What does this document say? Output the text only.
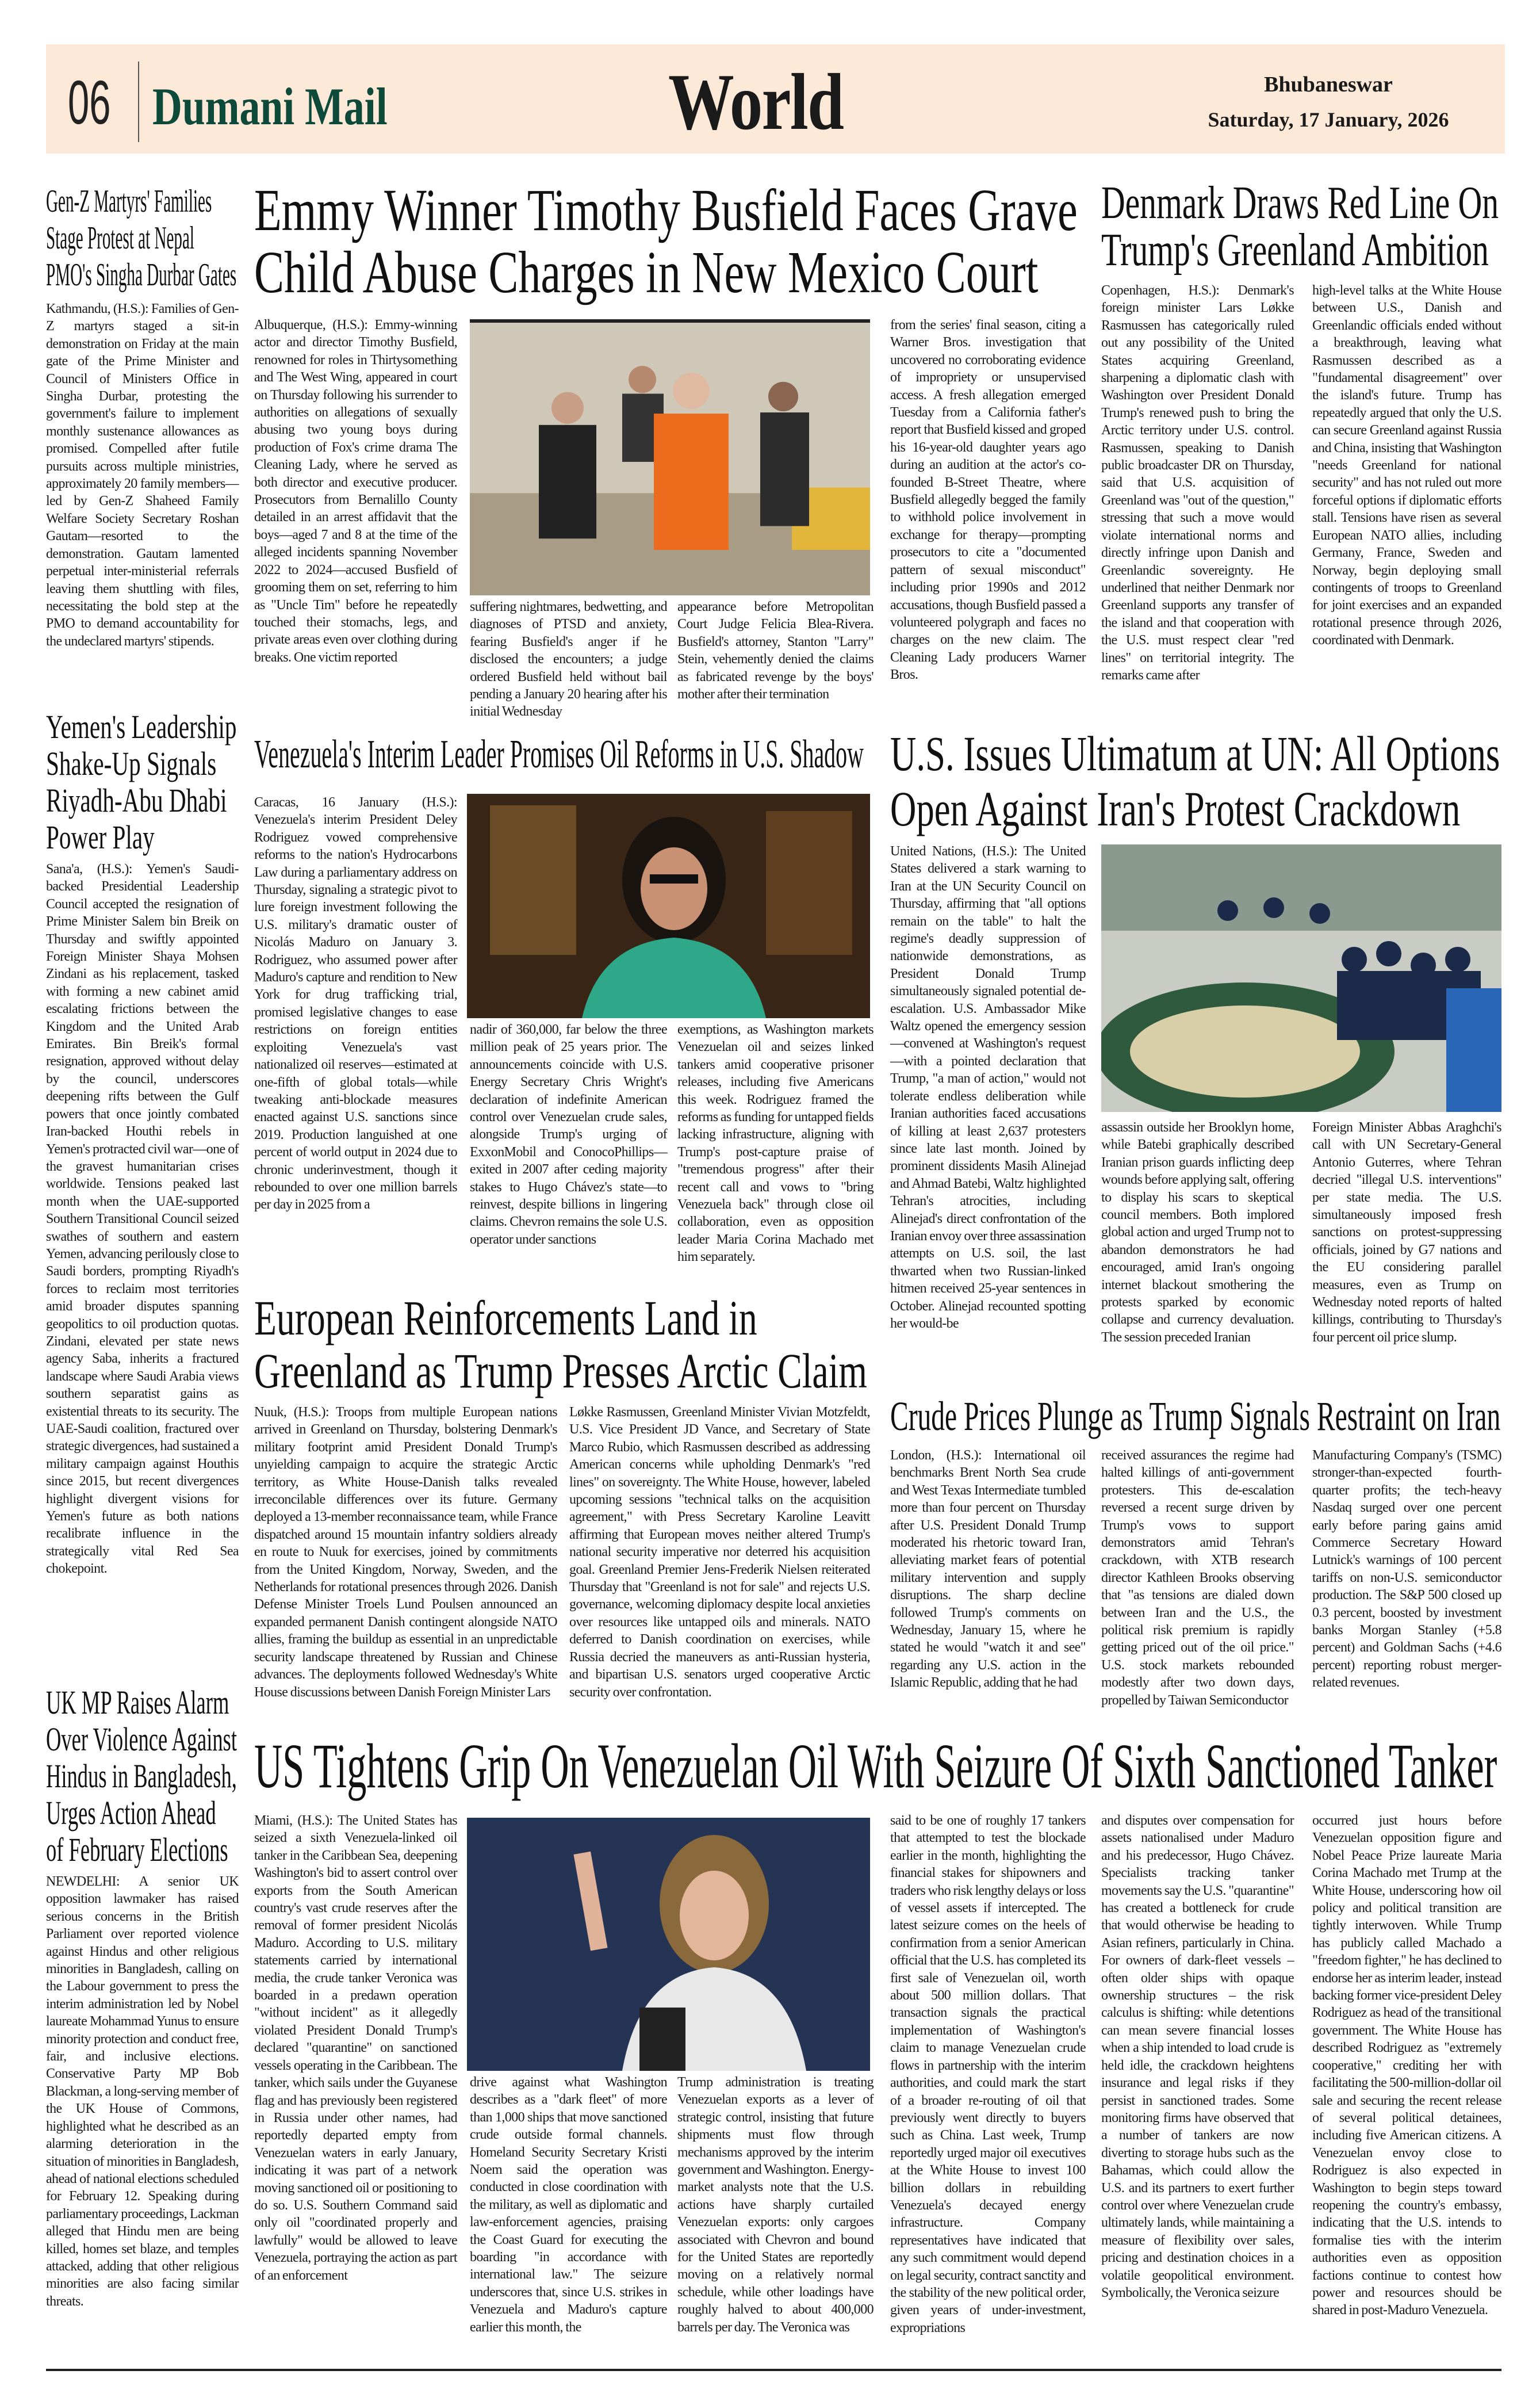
06 Dumani Mail	World	Bhubaneswar
Saturday, 17 January, 2026
Gen-Z Martyrs' Families Stage Protest at Nepal PMO's Singha Durbar Gates
Kathmandu, (H.S.): Families of Gen-Z martyrs staged a sit-in demonstration on Friday at the main gate of the Prime Minister and Council of Ministers Office in Singha Durbar, protesting the government's failure to implement monthly sustenance allowances as promised. Compelled after futile pursuits across multiple ministries, approximately 20 family members—led by Gen-Z Shaheed Family Welfare Society Secretary Roshan Gautam—resorted to the demonstration. Gautam lamented perpetual inter-ministerial referrals leaving them shuttling with files, necessitating the bold step at the PMO to demand accountability for the undeclared martyrs' stipends.
Yemen's Leadership Shake-Up Signals Riyadh-Abu Dhabi Power Play
Sana'a, (H.S.): Yemen's Saudi-backed Presidential Leadership Council accepted the resignation of Prime Minister Salem bin Breik on Thursday and swiftly appointed Foreign Minister Shaya Mohsen Zindani as his replacement, tasked with forming a new cabinet amid escalating frictions between the Kingdom and the United Arab Emirates. Bin Breik's formal resignation, approved without delay by the council, underscores deepening rifts between the Gulf powers that once jointly combated Iran-backed Houthi rebels in Yemen's protracted civil war—one of the gravest humanitarian crises worldwide. Tensions peaked last month when the UAE-supported Southern Transitional Council seized swathes of southern and eastern Yemen, advancing perilously close to Saudi borders, prompting Riyadh's forces to reclaim most territories amid broader disputes spanning geopolitics to oil production quotas. Zindani, elevated per state news agency Saba, inherits a fractured landscape where Saudi Arabia views southern separatist gains as existential threats to its security. The UAE-Saudi coalition, fractured over strategic divergences, had sustained a military campaign against Houthis since 2015, but recent divergences highlight divergent visions for Yemen's future as both nations recalibrate influence in the strategically vital Red Sea chokepoint.
UK MP Raises Alarm Over Violence Against Hindus in Bangladesh, Urges Action Ahead of February Elections
NEWDELHI: A senior UK opposition lawmaker has raised serious concerns in the British Parliament over reported violence against Hindus and other religious minorities in Bangladesh, calling on the Labour government to press the interim administration led by Nobel laureate Mohammad Yunus to ensure minority protection and conduct free, fair, and inclusive elections. Conservative Party MP Bob Blackman, a long-serving member of the UK House of Commons, highlighted what he described as an alarming deterioration in the situation of minorities in Bangladesh, ahead of national elections scheduled for February 12. Speaking during parliamentary proceedings, Lackman alleged that Hindu men are being killed, homes set blaze, and temples attacked, adding that other religious minorities are also facing similar threats.
Emmy Winner Timothy Busfield Faces Grave Child Abuse Charges in New Mexico Court
Albuquerque, (H.S.): Emmy-winning actor and director Timothy Busfield, renowned for roles in Thirtysomething and The West Wing, appeared in court on Thursday following his surrender to authorities on allegations of sexually abusing two young boys during production of Fox's crime drama The Cleaning Lady, where he served as both director and executive producer. Prosecutors from Bernalillo County detailed in an arrest affidavit that the boys—aged 7 and 8 at the time of the alleged incidents spanning November 2022 to 2024—accused Busfield of grooming them on set, referring to him as "Uncle Tim" before he repeatedly touched their stomachs, legs, and private areas even over clothing during breaks. One victim reported
suffering nightmares, bedwetting, and diagnoses of PTSD and anxiety, fearing Busfield's anger if he disclosed the encounters; a judge ordered Busfield held without bail pending a January 20 hearing after his initial Wednesday
appearance before Metropolitan Court Judge Felicia Blea-Rivera. Busfield's attorney, Stanton "Larry" Stein, vehemently denied the claims as fabricated revenge by the boys' mother after their termination
from the series' final season, citing a Warner Bros. investigation that uncovered no corroborating evidence of impropriety or unsupervised access. A fresh allegation emerged Tuesday from a California father's report that Busfield kissed and groped his 16-year-old daughter years ago during an audition at the actor's co-founded B-Street Theatre, where Busfield allegedly begged the family to withhold police involvement in exchange for therapy—prompting prosecutors to cite a "documented pattern of sexual misconduct" including prior 1990s and 2012 accusations, though Busfield passed a volunteered polygraph and faces no charges on the new claim. The Cleaning Lady producers Warner Bros.
Denmark Draws Red Line On Trump's Greenland Ambition
Copenhagen, H.S.): Denmark's foreign minister Lars Løkke Rasmussen has categorically ruled out any possibility of the United States acquiring Greenland, sharpening a diplomatic clash with Washington over President Donald Trump's renewed push to bring the Arctic territory under U.S. control. Rasmussen, speaking to Danish public broadcaster DR on Thursday, said that U.S. acquisition of Greenland was "out of the question," stressing that such a move would violate international norms and directly infringe upon Danish and Greenlandic sovereignty. He underlined that neither Denmark nor Greenland supports any transfer of the island and that cooperation with the U.S. must respect clear "red lines" on territorial integrity. The remarks came after
high-level talks at the White House between U.S., Danish and Greenlandic officials ended without a breakthrough, leaving what Rasmussen described as a "fundamental disagreement" over the island's future. Trump has repeatedly argued that only the U.S. can secure Greenland against Russia and China, insisting that Washington "needs Greenland for national security" and has not ruled out more forceful options if diplomatic efforts stall. Tensions have risen as several European NATO allies, including Germany, France, Sweden and Norway, begin deploying small contingents of troops to Greenland for joint exercises and an expanded rotational presence through 2026, coordinated with Denmark.
Venezuela's Interim Leader Promises Oil Reforms in U.S. Shadow
Caracas, 16 January (H.S.): Venezuela's interim President Deley Rodriguez vowed comprehensive reforms to the nation's Hydrocarbons Law during a parliamentary address on Thursday, signaling a strategic pivot to lure foreign investment following the U.S. military's dramatic ouster of Nicolás Maduro on January 3. Rodriguez, who assumed power after Maduro's capture and rendition to New York for drug trafficking trial, promised legislative changes to ease restrictions on foreign entities exploiting Venezuela's vast nationalized oil reserves—estimated at one-fifth of global totals—while tweaking anti-blockade measures enacted against U.S. sanctions since 2019. Production languished at one percent of world output in 2024 due to chronic underinvestment, though it rebounded to over one million barrels per day in 2025 from a
nadir of 360,000, far below the three million peak of 25 years prior. The announcements coincide with U.S. Energy Secretary Chris Wright's declaration of indefinite American control over Venezuelan crude sales, alongside Trump's urging of ExxonMobil and ConocoPhillips—exited in 2007 after ceding majority stakes to Hugo Chávez's state—to reinvest, despite billions in lingering claims. Chevron remains the sole U.S. operator under sanctions
exemptions, as Washington markets Venezuelan oil and seizes linked tankers amid cooperative prisoner releases, including five Americans this week. Rodriguez framed the reforms as funding for untapped fields lacking infrastructure, aligning with Trump's post-capture praise of "tremendous progress" after their recent call and vows to "bring Venezuela back" through close oil collaboration, even as opposition leader Maria Corina Machado met him separately.
U.S. Issues Ultimatum at UN: All Options Open Against Iran's Protest Crackdown
United Nations, (H.S.): The United States delivered a stark warning to Iran at the UN Security Council on Thursday, affirming that "all options remain on the table" to halt the regime's deadly suppression of nationwide demonstrations, as President Donald Trump simultaneously signaled potential de-escalation. U.S. Ambassador Mike Waltz opened the emergency session—convened at Washington's request—with a pointed declaration that Trump, "a man of action," would not tolerate endless deliberation while Iranian authorities faced accusations of killing at least 2,637 protesters since late last month. Joined by prominent dissidents Masih Alinejad and Ahmad Batebi, Waltz highlighted Tehran's atrocities, including Alinejad's direct confrontation of the Iranian envoy over three assassination attempts on U.S. soil, the last thwarted when two Russian-linked hitmen received 25-year sentences in October. Alinejad recounted spotting her would-be
assassin outside her Brooklyn home, while Batebi graphically described Iranian prison guards inflicting deep wounds before applying salt, offering to display his scars to skeptical council members. Both implored global action and urged Trump not to abandon demonstrators he had encouraged, amid Iran's ongoing internet blackout smothering the protests sparked by economic collapse and currency devaluation. The session preceded Iranian
Foreign Minister Abbas Araghchi's call with UN Secretary-General Antonio Guterres, where Tehran decried "illegal U.S. interventions" per state media. The U.S. simultaneously imposed fresh sanctions on protest-suppressing officials, joined by G7 nations and the EU considering parallel measures, even as Trump on Wednesday noted reports of halted killings, contributing to Thursday's four percent oil price slump.
European Reinforcements Land in Greenland as Trump Presses Arctic Claim
Nuuk, (H.S.): Troops from multiple European nations arrived in Greenland on Thursday, bolstering Denmark's military footprint amid President Donald Trump's unyielding campaign to acquire the strategic Arctic territory, as White House-Danish talks revealed irreconcilable differences over its future. Germany deployed a 13-member reconnaissance team, while France dispatched around 15 mountain infantry soldiers already en route to Nuuk for exercises, joined by commitments from the United Kingdom, Norway, Sweden, and the Netherlands for rotational presences through 2026. Danish Defense Minister Troels Lund Poulsen announced an expanded permanent Danish contingent alongside NATO allies, framing the buildup as essential in an unpredictable security landscape threatened by Russian and Chinese advances. The deployments followed Wednesday's White House discussions between Danish Foreign Minister Lars
Løkke Rasmussen, Greenland Minister Vivian Motzfeldt, U.S. Vice President JD Vance, and Secretary of State Marco Rubio, which Rasmussen described as addressing American concerns while upholding Denmark's "red lines" on sovereignty. The White House, however, labeled upcoming sessions "technical talks on the acquisition agreement," with Press Secretary Karoline Leavitt affirming that European moves neither altered Trump's national security imperative nor deterred his acquisition goal. Greenland Premier Jens-Frederik Nielsen reiterated Thursday that "Greenland is not for sale" and rejects U.S. governance, welcoming diplomacy despite local anxieties over resources like untapped oils and minerals. NATO deferred to Danish coordination on exercises, while Russia decried the maneuvers as anti-Russian hysteria, and bipartisan U.S. senators urged cooperative Arctic security over confrontation.
Crude Prices Plunge as Trump Signals Restraint on Iran
London, (H.S.): International oil benchmarks Brent North Sea crude and West Texas Intermediate tumbled more than four percent on Thursday after U.S. President Donald Trump moderated his rhetoric toward Iran, alleviating market fears of potential military intervention and supply disruptions. The sharp decline followed Trump's comments on Wednesday, January 15, where he stated he would "watch it and see" regarding any U.S. action in the Islamic Republic, adding that he had
received assurances the regime had halted killings of anti-government protesters. This de-escalation reversed a recent surge driven by Trump's vows to support demonstrators amid Tehran's crackdown, with XTB research director Kathleen Brooks observing that "as tensions are dialed down between Iran and the U.S., the political risk premium is rapidly getting priced out of the oil price." U.S. stock markets rebounded modestly after two down days, propelled by Taiwan Semiconductor
Manufacturing Company's (TSMC) stronger-than-expected fourth-quarter profits; the tech-heavy Nasdaq surged over one percent early before paring gains amid Commerce Secretary Howard Lutnick's warnings of 100 percent tariffs on non-U.S. semiconductor production. The S&P 500 closed up 0.3 percent, boosted by investment banks Morgan Stanley (+5.8 percent) and Goldman Sachs (+4.6 percent) reporting robust merger-related revenues.
US Tightens Grip On Venezuelan Oil With Seizure Of Sixth Sanctioned Tanker
Miami, (H.S.): The United States has seized a sixth Venezuela-linked oil tanker in the Caribbean Sea, deepening Washington's bid to assert control over exports from the South American country's vast crude reserves after the removal of former president Nicolás Maduro. According to U.S. military statements carried by international media, the crude tanker Veronica was boarded in a predawn operation "without incident" as it allegedly violated President Donald Trump's declared "quarantine" on sanctioned vessels operating in the Caribbean. The tanker, which sails under the Guyanese flag and has previously been registered in Russia under other names, had reportedly departed empty from Venezuelan waters in early January, indicating it was part of a network moving sanctioned oil or positioning to do so. U.S. Southern Command said only oil "coordinated properly and lawfully" would be allowed to leave Venezuela, portraying the action as part of an enforcement
drive against what Washington describes as a "dark fleet" of more than 1,000 ships that move sanctioned crude outside formal channels. Homeland Security Secretary Kristi Noem said the operation was conducted in close coordination with the military, as well as diplomatic and law-enforcement agencies, praising the Coast Guard for executing the boarding "in accordance with international law." The seizure underscores that, since U.S. strikes in Venezuela and Maduro's capture earlier this month, the
Trump administration is treating Venezuelan exports as a lever of strategic control, insisting that future shipments must flow through mechanisms approved by the interim government and Washington. Energy-market analysts note that the U.S. actions have sharply curtailed Venezuelan exports: only cargoes associated with Chevron and bound for the United States are reportedly moving on a relatively normal schedule, while other loadings have roughly halved to about 400,000 barrels per day. The Veronica was
said to be one of roughly 17 tankers that attempted to test the blockade earlier in the month, highlighting the financial stakes for shipowners and traders who risk lengthy delays or loss of vessel assets if intercepted. The latest seizure comes on the heels of confirmation from a senior American official that the U.S. has completed its first sale of Venezuelan oil, worth about 500 million dollars. That transaction signals the practical implementation of Washington's claim to manage Venezuelan crude flows in partnership with the interim authorities, and could mark the start of a broader re-routing of oil that previously went directly to buyers such as China. Last week, Trump reportedly urged major oil executives at the White House to invest 100 billion dollars in rebuilding Venezuela's decayed energy infrastructure. Company representatives have indicated that any such commitment would depend on legal security, contract sanctity and the stability of the new political order, given years of under-investment, expropriations
and disputes over compensation for assets nationalised under Maduro and his predecessor, Hugo Chávez. Specialists tracking tanker movements say the U.S. "quarantine" has created a bottleneck for crude that would otherwise be heading to Asian refiners, particularly in China. For owners of dark-fleet vessels – often older ships with opaque ownership structures – the risk calculus is shifting: while detentions can mean severe financial losses when a ship intended to load crude is held idle, the crackdown heightens insurance and legal risks if they persist in sanctioned trades. Some monitoring firms have observed that a number of tankers are now diverting to storage hubs such as the Bahamas, which could allow the U.S. and its partners to exert further control over where Venezuelan crude ultimately lands, while maintaining a measure of flexibility over sales, pricing and destination choices in a volatile geopolitical environment. Symbolically, the Veronica seizure
occurred just hours before Venezuelan opposition figure and Nobel Peace Prize laureate Maria Corina Machado met Trump at the White House, underscoring how oil policy and political transition are tightly interwoven. While Trump has publicly called Machado a "freedom fighter," he has declined to endorse her as interim leader, instead backing former vice-president Deley Rodriguez as head of the transitional government. The White House has described Rodriguez as "extremely cooperative," crediting her with facilitating the 500-million-dollar oil sale and securing the recent release of several political detainees, including five American citizens. A Venezuelan envoy close to Rodriguez is also expected in Washington to begin steps toward reopening the country's embassy, indicating that the U.S. intends to formalise ties with the interim authorities even as opposition factions continue to contest how power and resources should be shared in post-Maduro Venezuela.
